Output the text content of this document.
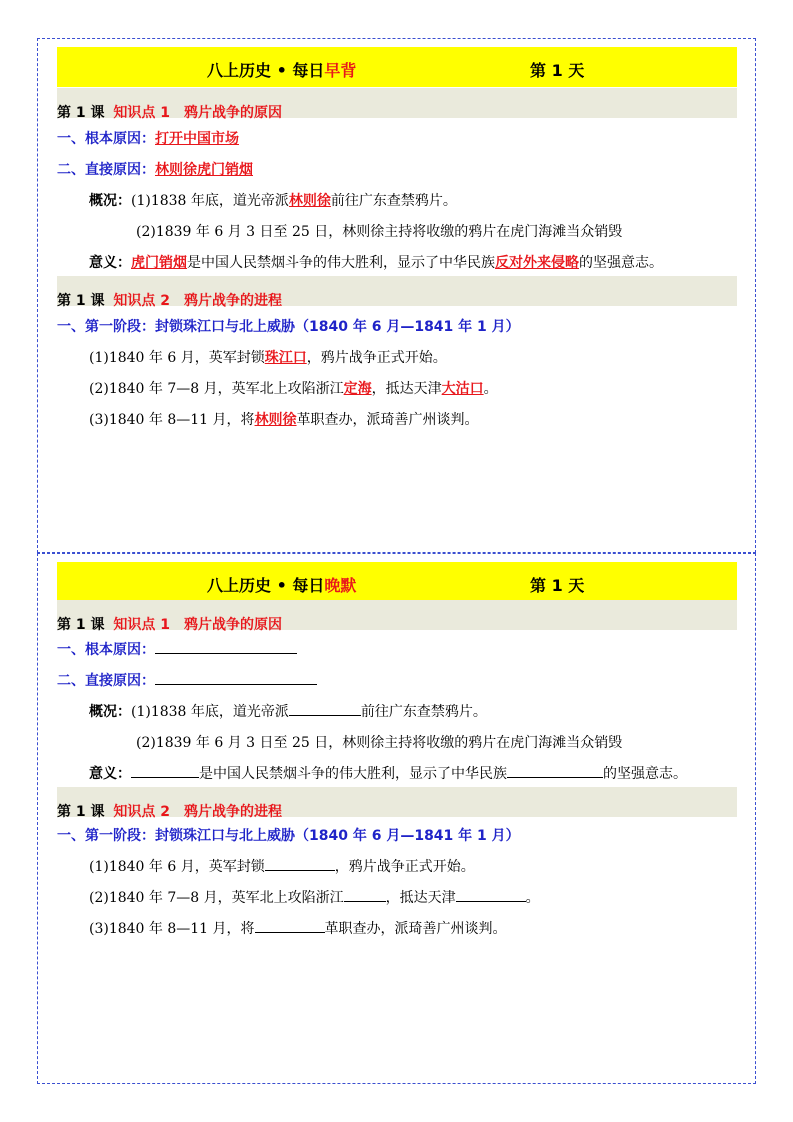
八上历史 • 每日早背	第 1 天
第 1 课 知识点 1　鸦片战争的原因
一、根本原因：打开中国市场
二、直接原因：林则徐虎门销烟
概况：(1)1838 年底，道光帝派林则徐前往广东查禁鸦片。
(2)1839 年 6 月 3 日至 25 日，林则徐主持将收缴的鸦片在虎门海滩当众销毁
意义：虎门销烟是中国人民禁烟斗争的伟大胜利，显示了中华民族反对外来侵略的坚强意志。
第 1 课 知识点 2　鸦片战争的进程
一、第一阶段：封锁珠江口与北上威胁（1840 年 6 月—1841 年 1 月）
(1)1840 年 6 月，英军封锁珠江口，鸦片战争正式开始。
(2)1840 年 7—8 月，英军北上攻陷浙江定海，抵达天津大沽口。
(3)1840 年 8—11 月，将林则徐革职查办，派琦善广州谈判。
八上历史 • 每日晚默	第 1 天
第 1 课 知识点 1　鸦片战争的原因
一、根本原因：
二、直接原因：
概况：(1)1838 年底，道光帝派	前往广东查禁鸦片。
(2)1839 年 6 月 3 日至 25 日，林则徐主持将收缴的鸦片在虎门海滩当众销毁
意义：	是中国人民禁烟斗争的伟大胜利，显示了中华民族	的坚强意志。
第 1 课 知识点 2　鸦片战争的进程
一、第一阶段：封锁珠江口与北上威胁（1840 年 6 月—1841 年 1 月）
(1)1840 年 6 月，英军封锁	，鸦片战争正式开始。
(2)1840 年 7—8 月，英军北上攻陷浙江	，抵达天津	。
(3)1840 年 8—11 月，将	革职查办，派琦善广州谈判。
